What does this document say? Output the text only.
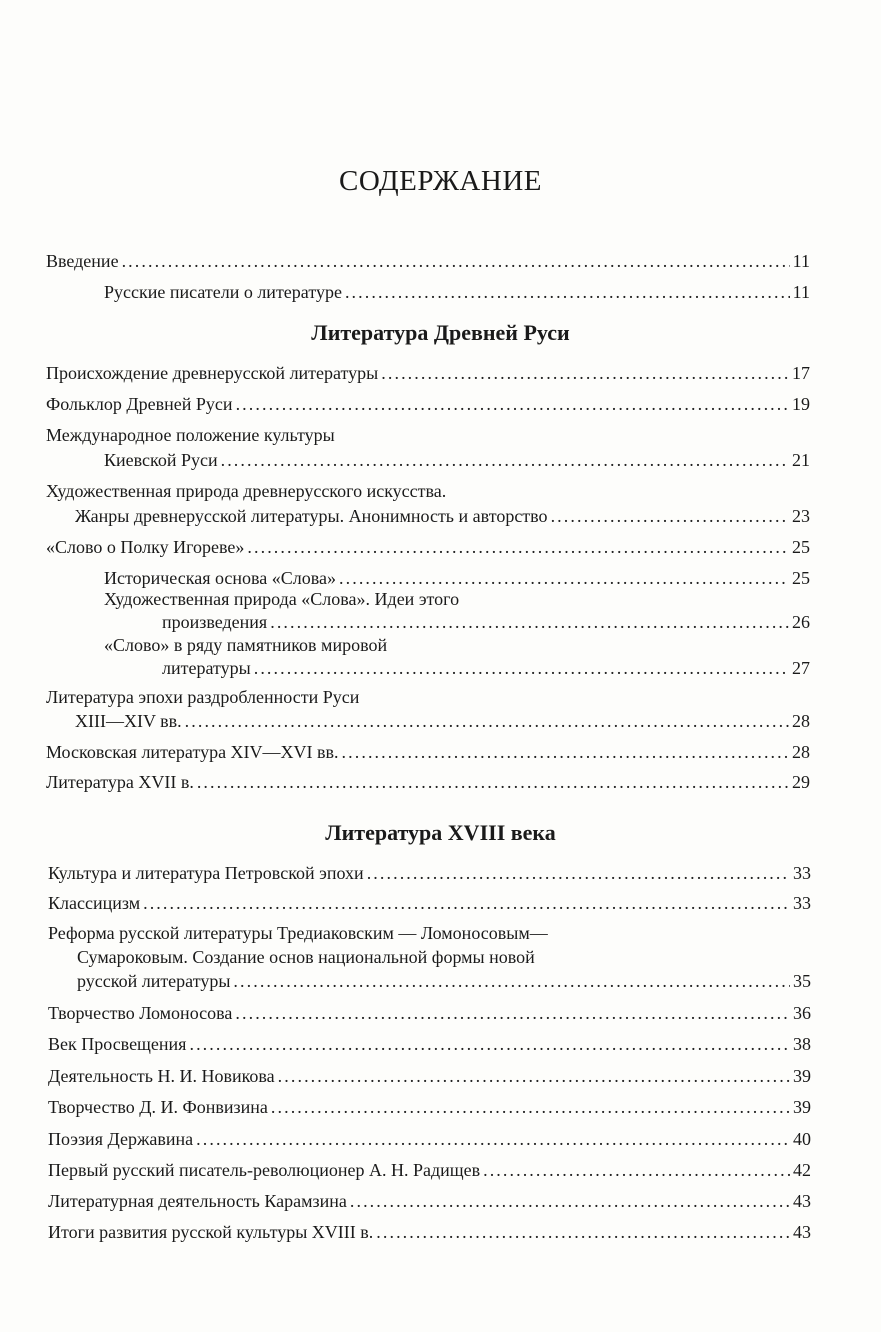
СОДЕРЖАНИЕ
Введение . . .	11
Русские писатели о литературе . . .	11
Литература Древней Руси
Происхождение древнерусской литературы . . .	17
Фольклор Древней Руси . . .	19
Международное положение культуры
Киевской Руси . . .	21
Художественная природа древнерусского искусства.
Жанры древнерусской литературы. Анонимность и авторство . . .	23
«Слово о Полку Игореве» . . .	25
Историческая основа «Слова» . . .	25
Художественная природа «Слова». Идеи этого
произведения . . .	26
«Слово» в ряду памятников мировой
литературы . . .	27
Литература эпохи раздробленности Руси
XIII—XIV вв. . . .	28
Московская литература XIV—XVI вв. . . .	28
Литература XVII в. . . .	29
Литература XVIII века
Культура и литература Петровской эпохи . . .	33
Классицизм . . .	33
Реформа русской литературы Тредиаковским — Ломоносовым—
Сумароковым. Создание основ национальной формы новой
русской литературы . . .	35
Творчество Ломоносова . . .	36
Век Просвещения . . .	38
Деятельность Н. И. Новикова . . .	39
Творчество Д. И. Фонвизина . . .	39
Поэзия Державина . . .	40
Первый русский писатель-революционер А. Н. Радищев . . .	42
Литературная деятельность Карамзина . . .	43
Итоги развития русской культуры XVIII в. . . .	43
